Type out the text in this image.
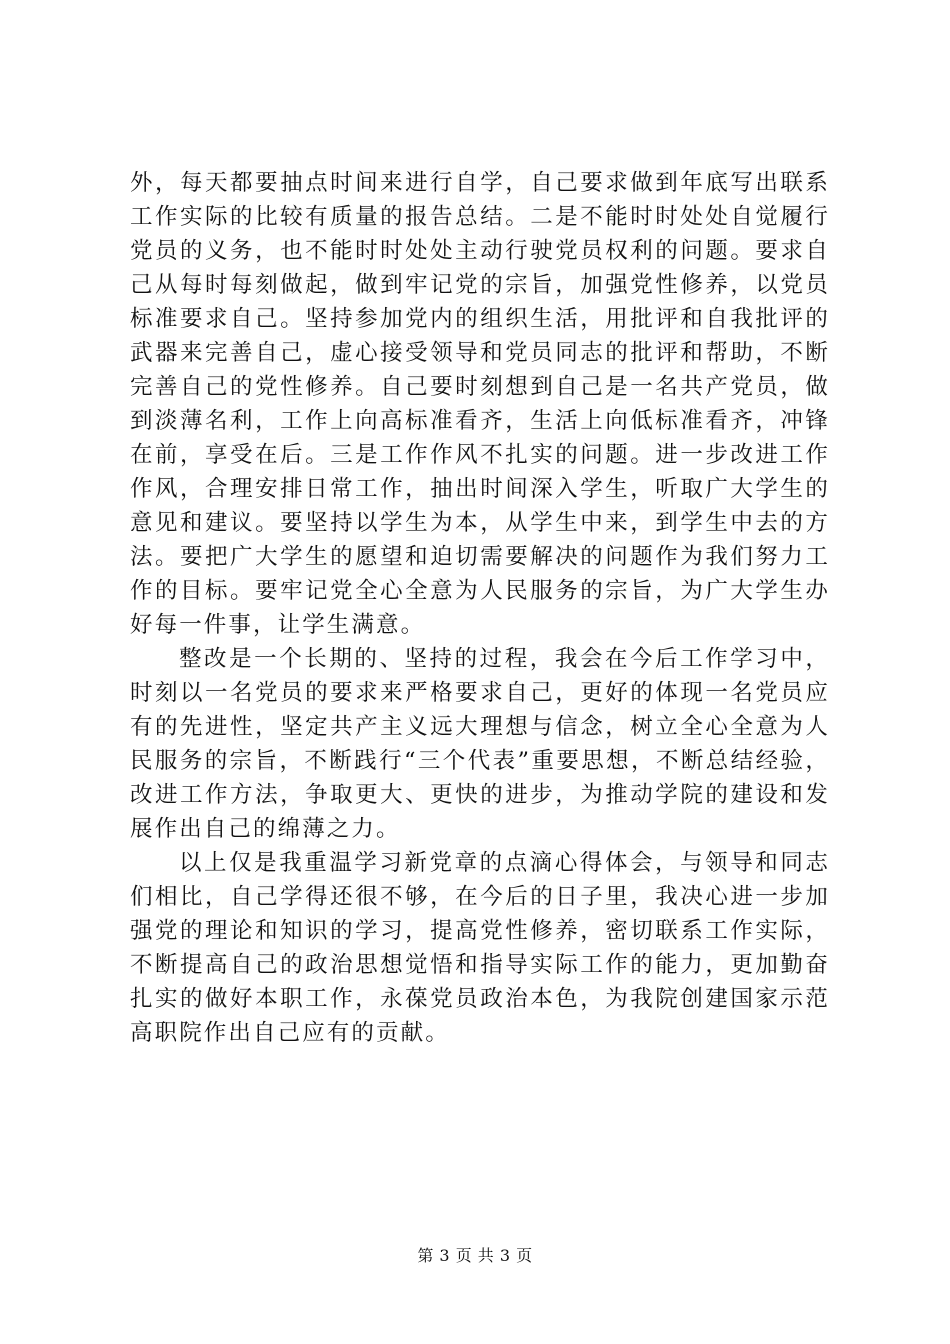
外，每天都要抽点时间来进行自学，自己要求做到年底写出联系工作实际的比较有质量的报告总结。二是不能时时处处自觉履行党员的义务，也不能时时处处主动行驶党员权利的问题。要求自己从每时每刻做起，做到牢记党的宗旨，加强党性修养，以党员标准要求自己。坚持参加党内的组织生活，用批评和自我批评的武器来完善自己，虚心接受领导和党员同志的批评和帮助，不断完善自己的党性修养。自己要时刻想到自己是一名共产党员，做到淡薄名利，工作上向高标准看齐，生活上向低标准看齐，冲锋在前，享受在后。三是工作作风不扎实的问题。进一步改进工作作风，合理安排日常工作，抽出时间深入学生，听取广大学生的意见和建议。要坚持以学生为本，从学生中来，到学生中去的方法。要把广大学生的愿望和迫切需要解决的问题作为我们努力工作的目标。要牢记党全心全意为人民服务的宗旨，为广大学生办好每一件事，让学生满意。

整改是一个长期的、坚持的过程，我会在今后工作学习中，时刻以一名党员的要求来严格要求自己，更好的体现一名党员应有的先进性，坚定共产主义远大理想与信念，树立全心全意为人民服务的宗旨，不断践行“三个代表”重要思想，不断总结经验，改进工作方法，争取更大、更快的进步，为推动学院的建设和发展作出自己的绵薄之力。

以上仅是我重温学习新党章的点滴心得体会，与领导和同志们相比，自己学得还很不够，在今后的日子里，我决心进一步加强党的理论和知识的学习，提高党性修养，密切联系工作实际，不断提高自己的政治思想觉悟和指导实际工作的能力，更加勤奋扎实的做好本职工作，永葆党员政治本色，为我院创建国家示范高职院作出自己应有的贡献。

第 3 页 共 3 页
